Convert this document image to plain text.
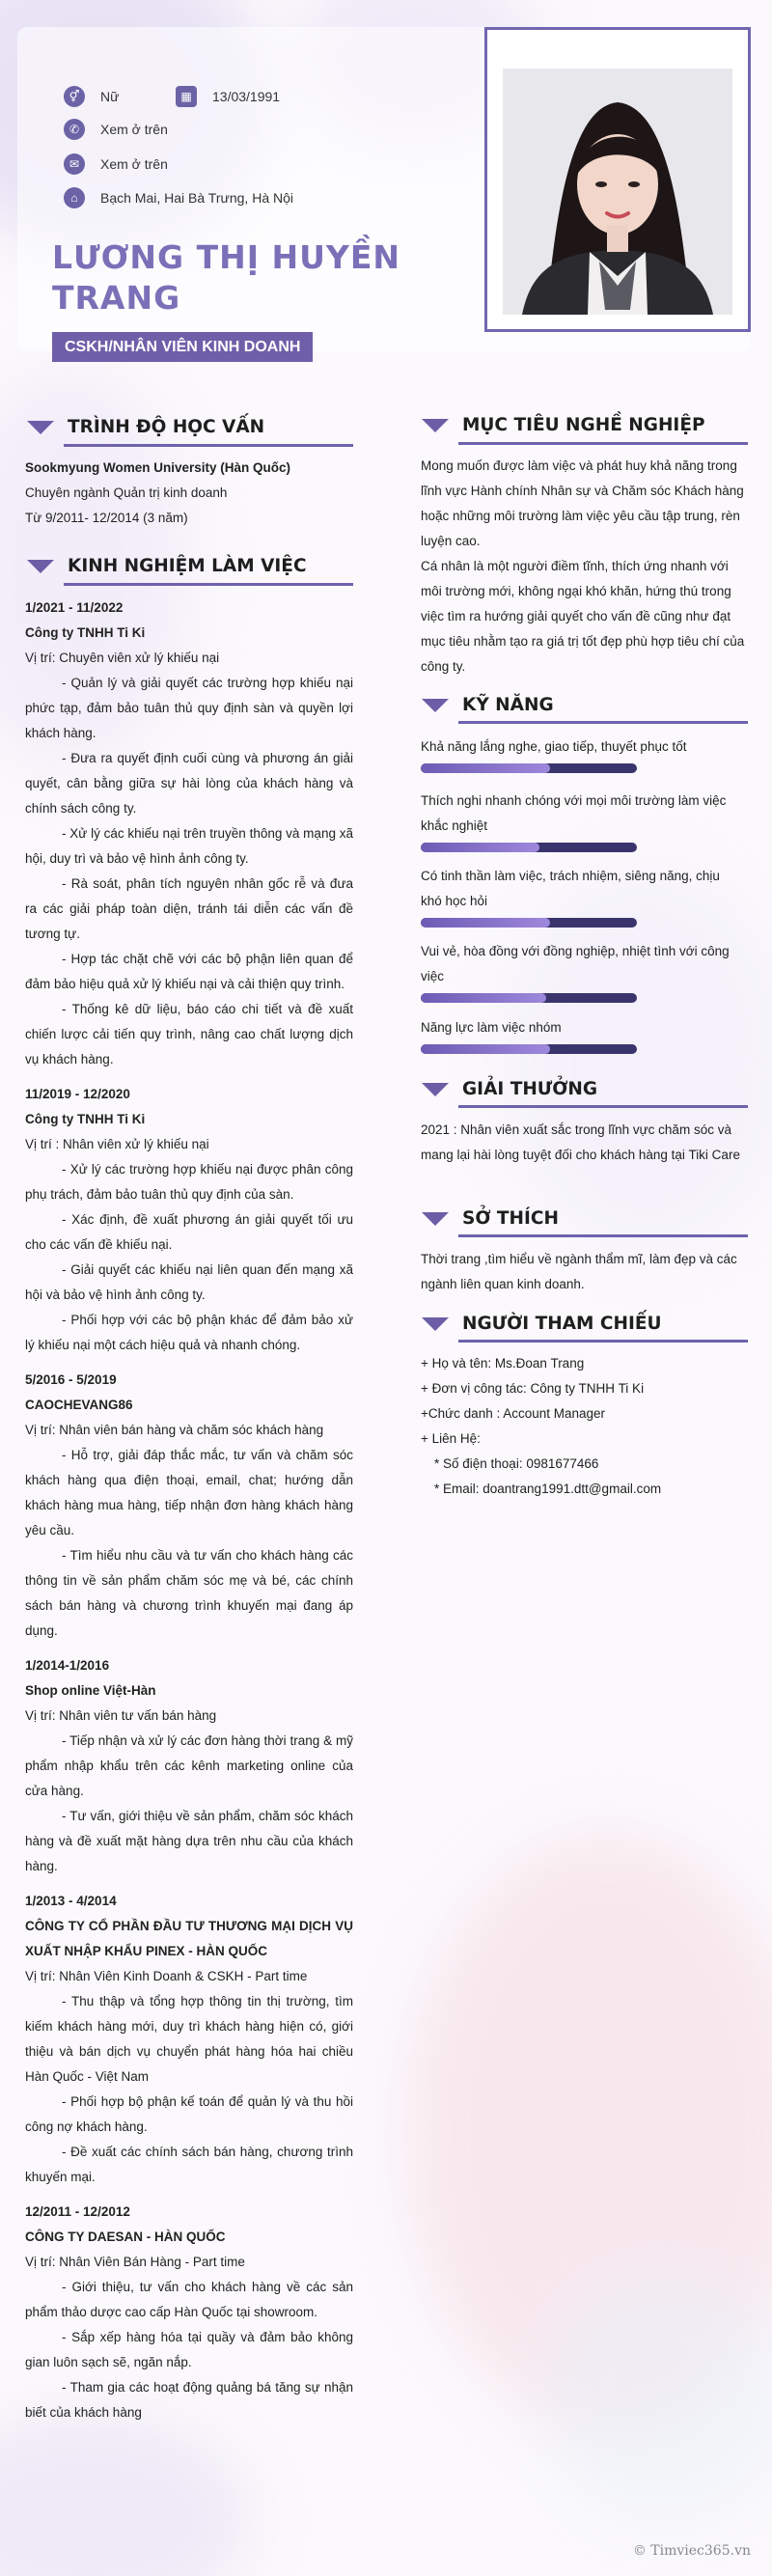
⚥	Nữ	▦	13/03/1991
✆	Xem ở trên
✉	Xem ở trên
⌂	Bạch Mai, Hai Bà Trưng, Hà Nội
LƯƠNG THỊ HUYỀN TRANG
CSKH/NHÂN VIÊN KINH DOANH
TRÌNH ĐỘ HỌC VẤN
Sookmyung Women University (Hàn Quốc)
Chuyên ngành Quản trị kinh doanh
Từ 9/2011- 12/2014 (3 năm)
KINH NGHIỆM LÀM VIỆC
1/2021 - 11/2022
Công ty TNHH Ti Ki
Vị trí: Chuyên viên xử lý khiếu nại
- Quản lý và giải quyết các trường hợp khiếu nại phức tạp, đảm bảo tuân thủ quy định sàn và quyền lợi khách hàng.
- Đưa ra quyết định cuối cùng và phương án giải quyết, cân bằng giữa sự hài lòng của khách hàng và chính sách công ty.
- Xử lý các khiếu nại trên truyền thông và mạng xã hội, duy trì và bảo vệ hình ảnh công ty.
- Rà soát, phân tích nguyên nhân gốc rễ và đưa ra các giải pháp toàn diện, tránh tái diễn các vấn đề tương tự.
- Hợp tác chặt chẽ với các bộ phận liên quan để đảm bảo hiệu quả xử lý khiếu nại và cải thiện quy trình.
- Thống kê dữ liệu, báo cáo chi tiết và đề xuất chiến lược cải tiến quy trình, nâng cao chất lượng dịch vụ khách hàng.
11/2019 - 12/2020
Công ty TNHH Ti Ki
Vị trí : Nhân viên xử lý khiếu nại
- Xử lý các trường hợp khiếu nại được phân công phụ trách, đảm bảo tuân thủ quy định của sàn.
- Xác định, đề xuất phương án giải quyết tối ưu cho các vấn đề khiếu nại.
- Giải quyết các khiếu nại liên quan đến mạng xã hội và bảo vệ hình ảnh công ty.
- Phối hợp với các bộ phận khác để đảm bảo xử lý khiếu nại một cách hiệu quả và nhanh chóng.
5/2016 - 5/2019
CAOCHEVANG86
Vị trí: Nhân viên bán hàng và chăm sóc khách hàng
- Hỗ trợ, giải đáp thắc mắc, tư vấn và chăm sóc khách hàng qua điện thoại, email, chat; hướng dẫn khách hàng mua hàng, tiếp nhận đơn hàng khách hàng yêu cầu.
- Tìm hiểu nhu cầu và tư vấn cho khách hàng các thông tin về sản phẩm chăm sóc mẹ và bé, các chính sách bán hàng và chương trình khuyến mại đang áp dụng.
1/2014-1/2016
Shop online Việt-Hàn
Vị trí: Nhân viên tư vấn bán hàng
- Tiếp nhận và xử lý các đơn hàng thời trang & mỹ phẩm nhập khẩu trên các kênh marketing online của cửa hàng.
- Tư vấn, giới thiệu về sản phẩm, chăm sóc khách hàng và đề xuất mặt hàng dựa trên nhu cầu của khách hàng.
1/2013 - 4/2014
CÔNG TY CỔ PHẦN ĐẦU TƯ THƯƠNG MẠI DỊCH VỤ XUẤT NHẬP KHẨU PINEX - HÀN QUỐC
Vị trí: Nhân Viên Kinh Doanh & CSKH - Part time
- Thu thập và tổng hợp thông tin thị trường, tìm kiếm khách hàng mới, duy trì khách hàng hiện có, giới thiệu và bán dịch vụ chuyển phát hàng hóa hai chiều Hàn Quốc - Việt Nam
- Phối hợp bộ phận kế toán để quản lý và thu hồi công nợ khách hàng.
- Đề xuất các chính sách bán hàng, chương trình khuyến mại.
12/2011 - 12/2012
CÔNG TY DAESAN - HÀN QUỐC
Vị trí: Nhân Viên Bán Hàng - Part time
- Giới thiệu, tư vấn cho khách hàng về các sản phẩm thảo dược cao cấp Hàn Quốc tại showroom.
- Sắp xếp hàng hóa tại quầy và đảm bảo không gian luôn sạch sẽ, ngăn nắp.
- Tham gia các hoạt động quảng bá tăng sự nhận biết của khách hàng
MỤC TIÊU NGHỀ NGHIỆP

Mong muốn được làm việc và phát huy khả năng trong lĩnh vực Hành chính Nhân sự và Chăm sóc Khách hàng hoặc những môi trường làm việc yêu cầu tập trung, rèn luyện cao.

Cá nhân là một người điềm tĩnh, thích ứng nhanh với môi trường mới, không ngại khó khăn, hứng thú trong việc tìm ra hướng giải quyết cho vấn đề cũng như đạt mục tiêu nhằm tạo ra giá trị tốt đẹp phù hợp tiêu chí của công ty.

KỸ NĂNG
Khả năng lắng nghe, giao tiếp, thuyết phục tốt
Thích nghi nhanh chóng với mọi môi trường làm việc khắc nghiệt
Có tinh thần làm việc, trách nhiệm, siêng năng, chịu khó học hỏi
Vui vẻ, hòa đồng với đồng nghiệp, nhiệt tình với công việc
Năng lực làm việc nhóm
GIẢI THƯỞNG
2021 : Nhân viên xuất sắc trong lĩnh vực chăm sóc và mang lại hài lòng tuyệt đối cho khách hàng tại Tiki Care
SỞ THÍCH
Thời trang ,tìm hiểu về ngành thẩm mĩ, làm đẹp và các ngành liên quan kinh doanh.
NGƯỜI THAM CHIẾU
+ Họ và tên: Ms.Đoan Trang
+ Đơn vị công tác: Công ty TNHH Ti Ki
+Chức danh : Account Manager
+ Liên Hệ:
* Số điện thoại: 0981677466
* Email: doantrang1991.dtt@gmail.com
© Timviec365.vn
